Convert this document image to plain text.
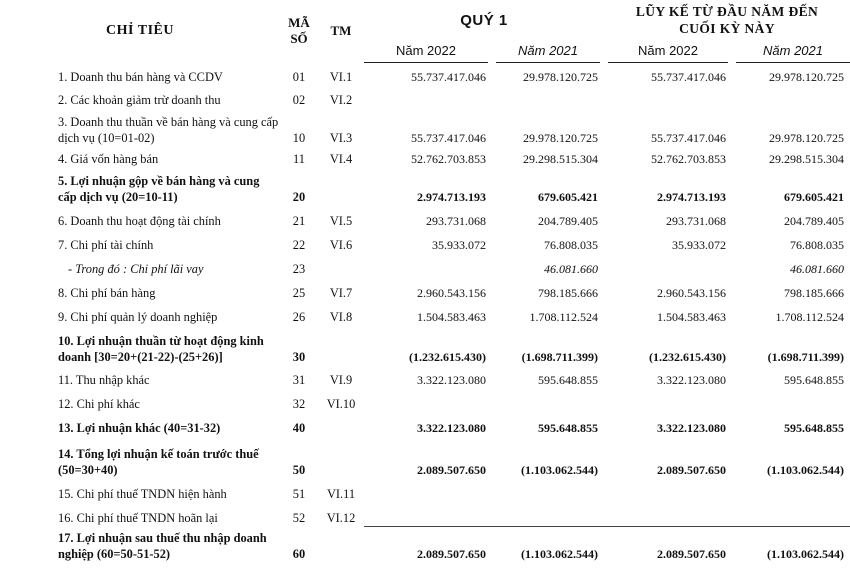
CHỈ TIÊU	MÃ
SỐ	TM	QUÝ 1		LŨY KẾ TỪ ĐẦU NĂM ĐẾN
CUỐI KỲ NÀY	
			Năm 2022	Năm 2021	Năm 2022	Năm 2021
1. Doanh thu bán hàng và CCDV	01	VI.1	55.737.417.046	29.978.120.725	55.737.417.046	29.978.120.725
2. Các khoản giảm trừ doanh thu	02	VI.2				
3. Doanh thu thuần về bán hàng và cung cấp dịch vụ (10=01-02)	10	VI.3	55.737.417.046	29.978.120.725	55.737.417.046	29.978.120.725
4. Giá vốn hàng bán	11	VI.4	52.762.703.853	29.298.515.304	52.762.703.853	29.298.515.304
5. Lợi nhuận gộp về bán hàng và cung cấp dịch vụ (20=10-11)	20		2.974.713.193	679.605.421	2.974.713.193	679.605.421
6. Doanh thu hoạt động tài chính	21	VI.5	293.731.068	204.789.405	293.731.068	204.789.405
7. Chi phí tài chính	22	VI.6	35.933.072	76.808.035	35.933.072	76.808.035
- Trong đó : Chi phí lãi vay	23			46.081.660		46.081.660
8. Chi phí bán hàng	25	VI.7	2.960.543.156	798.185.666	2.960.543.156	798.185.666
9. Chi phí quản lý doanh nghiệp	26	VI.8	1.504.583.463	1.708.112.524	1.504.583.463	1.708.112.524
10. Lợi nhuận thuần từ hoạt động kinh doanh [30=20+(21-22)-(25+26)]	30		(1.232.615.430)	(1.698.711.399)	(1.232.615.430)	(1.698.711.399)
11. Thu nhập khác	31	VI.9	3.322.123.080	595.648.855	3.322.123.080	595.648.855
12. Chi phí khác	32	VI.10				
13. Lợi nhuận khác (40=31-32)	40		3.322.123.080	595.648.855	3.322.123.080	595.648.855
14. Tổng lợi nhuận kế toán trước thuế (50=30+40)	50		2.089.507.650	(1.103.062.544)	2.089.507.650	(1.103.062.544)
15. Chi phí thuế TNDN hiện hành	51	VI.11				
16. Chi phí thuế TNDN hoãn lại	52	VI.12				
17. Lợi nhuận sau thuế thu nhập doanh nghiệp (60=50-51-52)	60		2.089.507.650	(1.103.062.544)	2.089.507.650	(1.103.062.544)
